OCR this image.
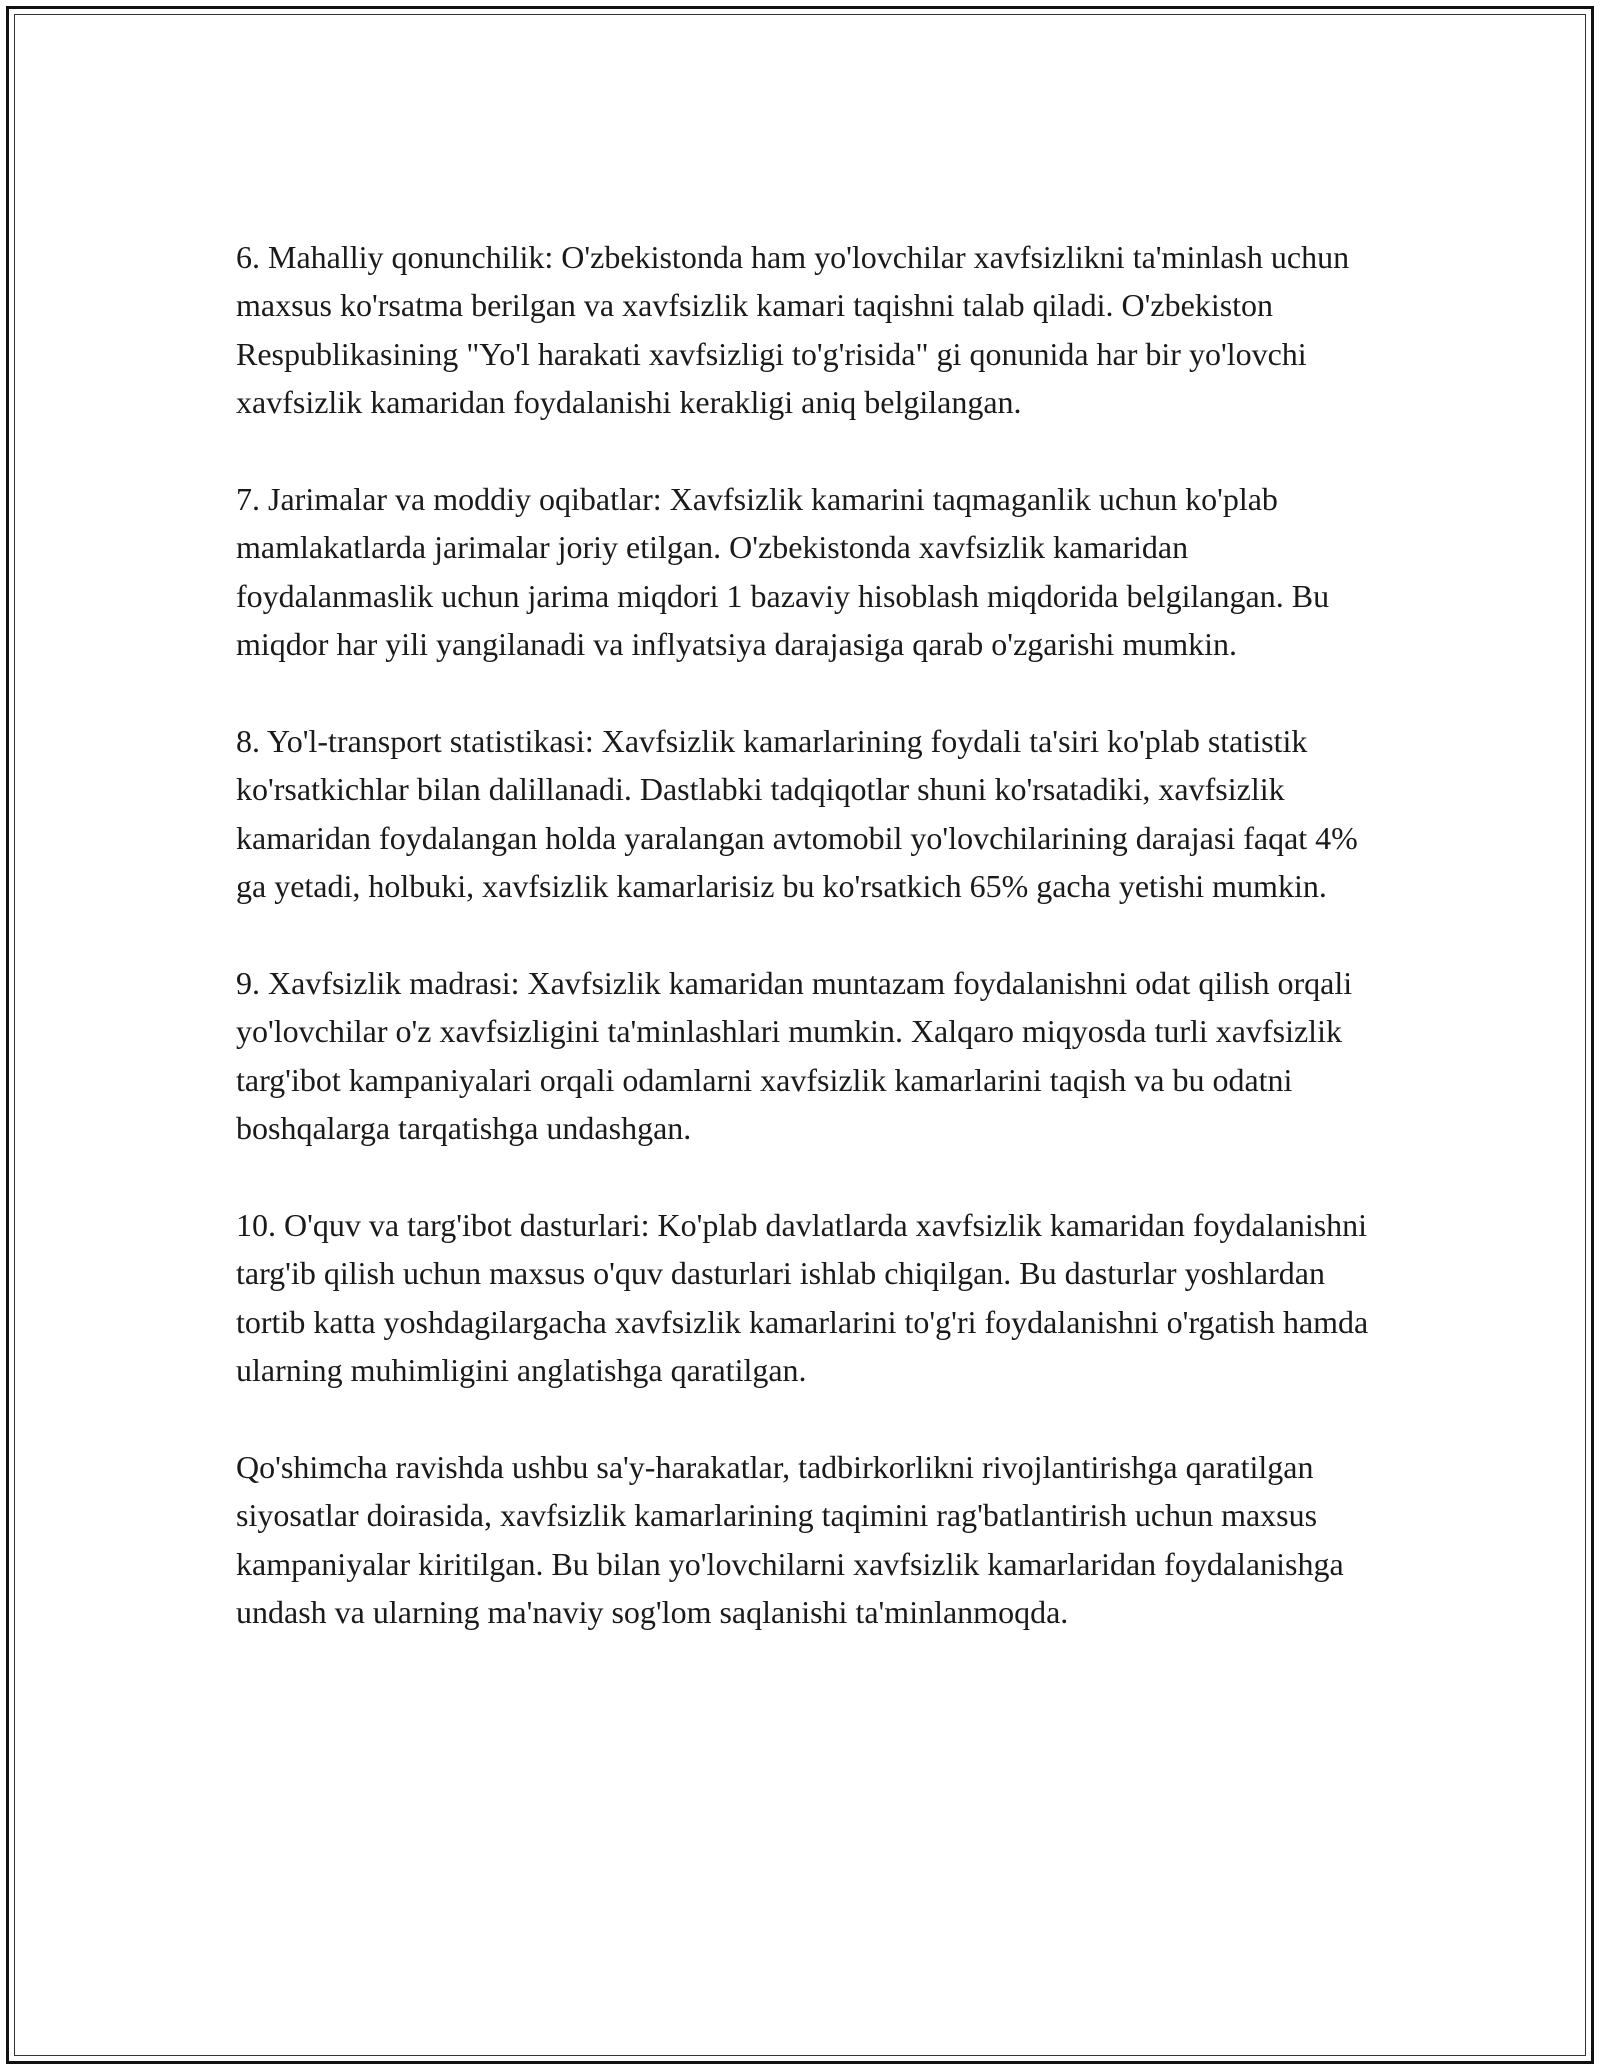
6. Mahalliy qonunchilik: O'zbekistonda ham yo'lovchilar xavfsizlikni ta'minlash uchun maxsus ko'rsatma berilgan va xavfsizlik kamari taqishni talab qiladi. O'zbekiston Respublikasining "Yo'l harakati xavfsizligi to'g'risida" gi qonunida har bir yo'lovchi xavfsizlik kamaridan foydalanishi kerakligi aniq belgilangan.

7. Jarimalar va moddiy oqibatlar: Xavfsizlik kamarini taqmaganlik uchun ko'plab mamlakatlarda jarimalar joriy etilgan. O'zbekistonda xavfsizlik kamaridan foydalanmaslik uchun jarima miqdori 1 bazaviy hisoblash miqdorida belgilangan. Bu miqdor har yili yangilanadi va inflyatsiya darajasiga qarab o'zgarishi mumkin.

8. Yo'l-transport statistikasi: Xavfsizlik kamarlarining foydali ta'siri ko'plab statistik ko'rsatkichlar bilan dalillanadi. Dastlabki tadqiqotlar shuni ko'rsatadiki, xavfsizlik kamaridan foydalangan holda yaralangan avtomobil yo'lovchilarining darajasi faqat 4% ga yetadi, holbuki, xavfsizlik kamarlarisiz bu ko'rsatkich 65% gacha yetishi mumkin.

9. Xavfsizlik madrasi: Xavfsizlik kamaridan muntazam foydalanishni odat qilish orqali yo'lovchilar o'z xavfsizligini ta'minlashlari mumkin. Xalqaro miqyosda turli xavfsizlik targ'ibot kampaniyalari orqali odamlarni xavfsizlik kamarlarini taqish va bu odatni boshqalarga tarqatishga undashgan.

10. O'quv va targ'ibot dasturlari: Ko'plab davlatlarda xavfsizlik kamaridan foydalanishni targ'ib qilish uchun maxsus o'quv dasturlari ishlab chiqilgan. Bu dasturlar yoshlardan tortib katta yoshdagilargacha xavfsizlik kamarlarini to'g'ri foydalanishni o'rgatish hamda ularning muhimligini anglatishga qaratilgan.

Qo'shimcha ravishda ushbu sa'y-harakatlar, tadbirkorlikni rivojlantirishga qaratilgan siyosatlar doirasida, xavfsizlik kamarlarining taqimini rag'batlantirish uchun maxsus kampaniyalar kiritilgan. Bu bilan yo'lovchilarni xavfsizlik kamarlaridan foydalanishga undash va ularning ma'naviy sog'lom saqlanishi ta'minlanmoqda.
